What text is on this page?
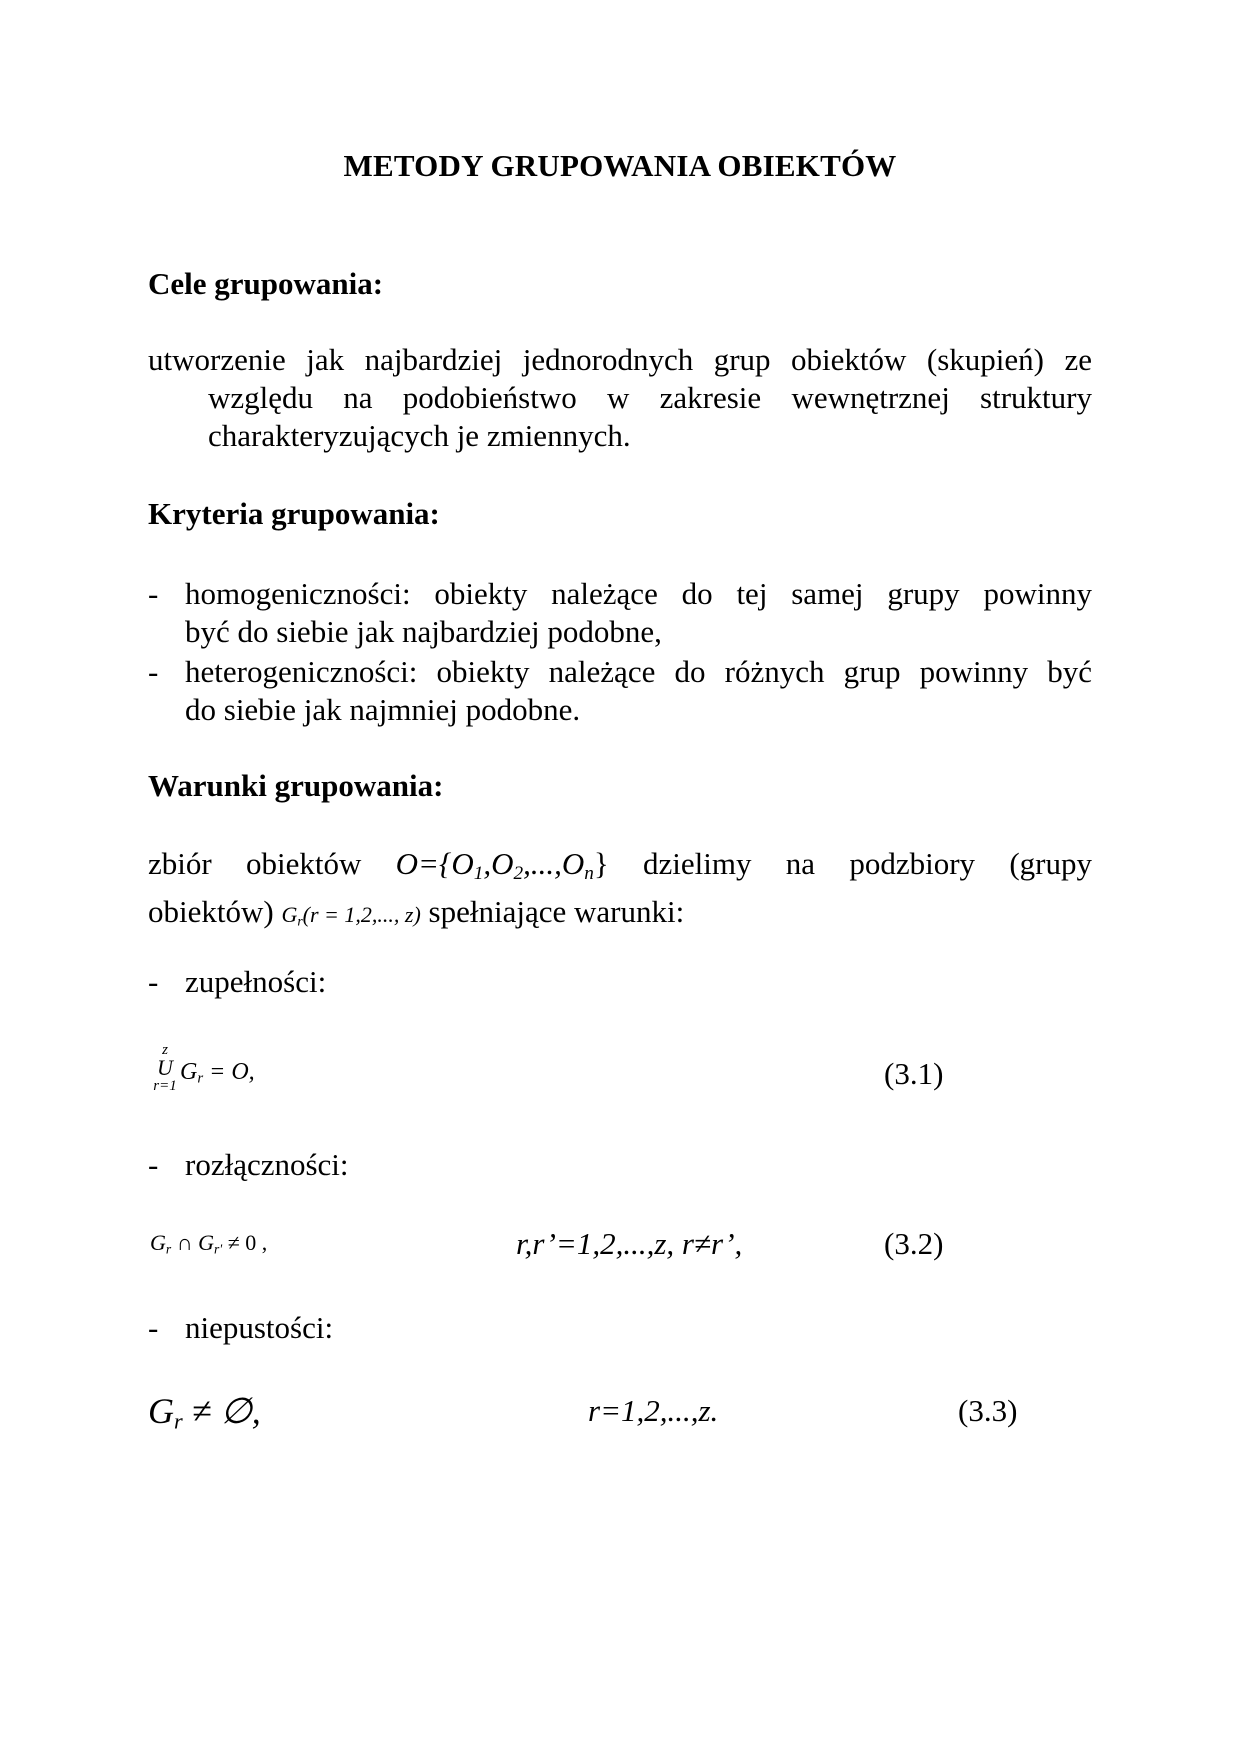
METODY GRUPOWANIA OBIEKTÓW
Cele grupowania:
utworzenie jak najbardziej jednorodnych grup obiektów (skupień) ze
względu na podobieństwo w zakresie wewnętrznej struktury
charakteryzujących je zmiennych.
Kryteria grupowania:
- homogeniczności: obiekty należące do tej samej grupy powinny
być do siebie jak najbardziej podobne,
- heterogeniczności: obiekty należące do różnych grup powinny być
do siebie jak najmniej podobne.
Warunki grupowania:
zbiór obiektów $O=\{O_1,O_2,...,O_n\}$ dzielimy na podzbiory (grupy
obiektów) $G_r(r = 1,2$,..., z) spełniające warunki:
- zupełności:
z
U
r=1
$G_r = O$,	(3.1)
- rozłączności:
$G_r$ ∩ $G_{r'} \ne 0$ ,	r,r’=1,2,...,z, r≠r’,	(3.2)
- niepustości:
$G_r$ ≠ ∅,	r=1,2,...,z.	(3.3)
